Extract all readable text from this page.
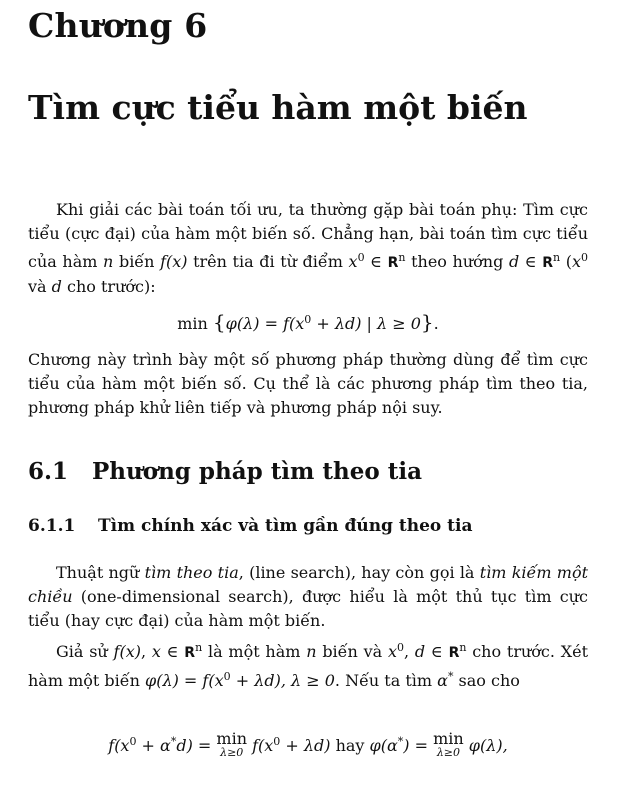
Chương 6
Tìm cực tiểu hàm một biến

Khi giải các bài toán tối ưu, ta thường gặp bài toán phụ: Tìm cực tiểu (cực đại) của hàm một biến số. Chẳng hạn, bài toán tìm cực tiểu của hàm n biến f(x) trên tia đi từ điểm $x^0$ ∈ $R^n$ theo hướng d ∈ $R^n$ ($x^0$ và d cho trước):

$\min \{\varphi(\lambda) = f(x^0 + \lambda d)$ | λ ≥ 0}.

Chương này trình bày một số phương pháp thường dùng để tìm cực tiểu của hàm một biến số. Cụ thể là các phương pháp tìm theo tia, phương pháp khử liên tiếp và phương pháp nội suy.

6.1 Phương pháp tìm theo tia
6.1.1 Tìm chính xác và tìm gần đúng theo tia

Thuật ngữ tìm theo tia, (line search), hay còn gọi là tìm kiếm một chiều (one-dimensional search), được hiểu là một thủ tục tìm cực tiểu (hay cực đại) của hàm một biến.

Giả sử f(x), x ∈ $R^n$ là một hàm n biến và $x^0$, d ∈ $R^n$ cho trước. Xét hàm một biến $\varphi(\lambda) = f(x^0 + \lambda d)$, λ ≥ 0. Nếu ta tìm α* sao cho

$f(x^0 + \alpha^*d) = \min$
λ≥0 $f(x^0 + \lambda d)$ hay φ(α*) = min
λ≥0 φ(λ),
